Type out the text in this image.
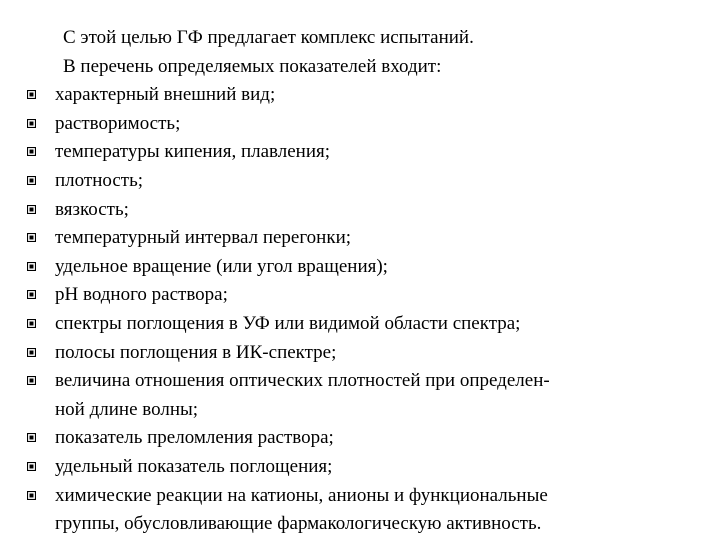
С этой целью ГФ предлагает комплекс испытаний.
В перечень определяемых показателей входит:
характерный внешний вид;
растворимость;
температуры кипения, плавления;
плотность;
вязкость;
температурный интервал перегонки;
удельное вращение (или угол вращения);
рН водного раствора;
спектры поглощения в УФ или видимой области спектра;
полосы поглощения в ИК-спектре;
величина отношения оптических плотностей при определен-
ной длине волны;
показатель преломления раствора;
удельный показатель поглощения;
химические реакции на катионы, анионы и функциональные
группы, обусловливающие фармакологическую активность.
